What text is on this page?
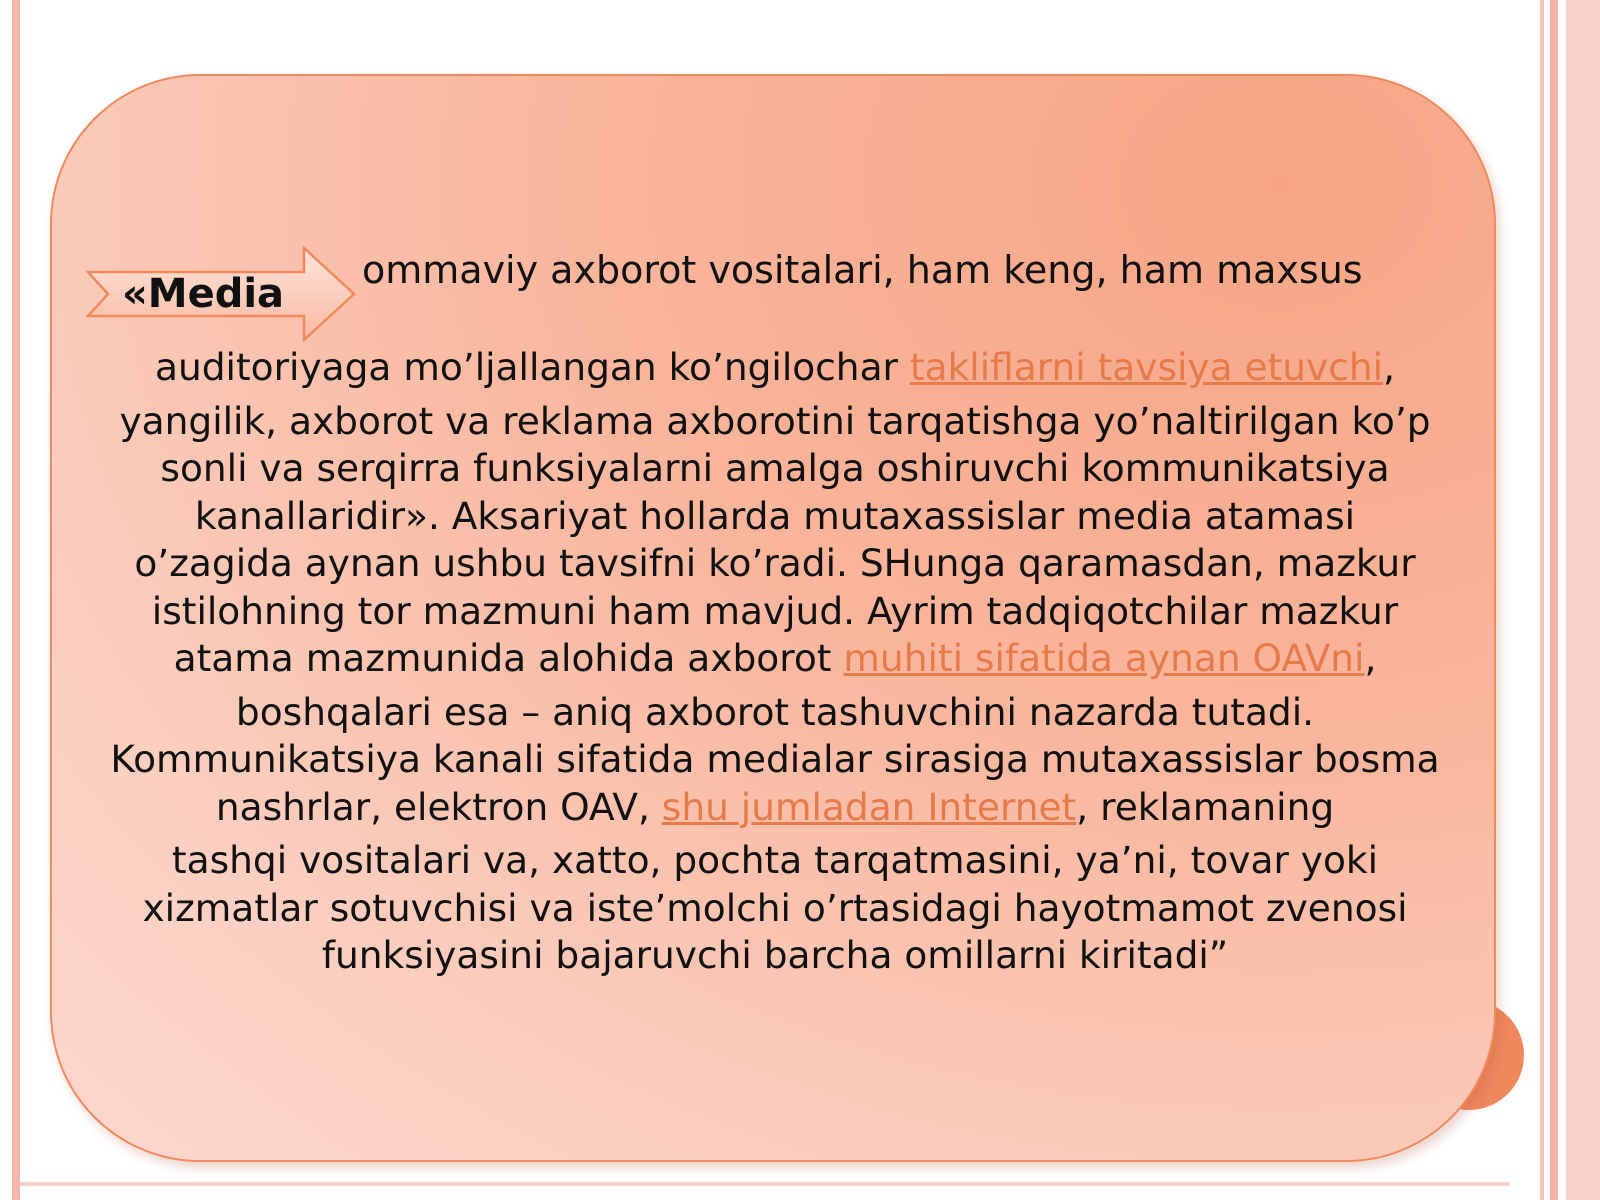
«Media
ommaviy axborot vositalari, ham keng, ham maxsus

auditoriyaga mo’ljallangan ko’ngilochar takliflarni tavsiya etuvchi,

yangilik, axborot va reklama axborotini tarqatishga yo’naltirilgan ko’p sonli va serqirra funksiyalarni amalga oshiruvchi kommunikatsiya kanallaridir». Aksariyat hollarda mutaxassislar media atamasi o’zagida aynan ushbu tavsifni ko’radi. SHunga qaramasdan, mazkur istilohning tor mazmuni ham mavjud. Ayrim tadqiqotchilar mazkur atama mazmunida alohida axborot muhiti sifatida aynan OAVni,

boshqalari esa – aniq axborot tashuvchini nazarda tutadi. Kommunikatsiya kanali sifatida medialar sirasiga mutaxassislar bosma nashrlar, elektron OAV, shu jumladan Internet, reklamaning

tashqi vositalari va, xatto, pochta tarqatmasini, ya’ni, tovar yoki xizmatlar sotuvchisi va iste’molchi o’rtasidagi hayotmamot zvenosi funksiyasini bajaruvchi barcha omillarni kiritadi”
